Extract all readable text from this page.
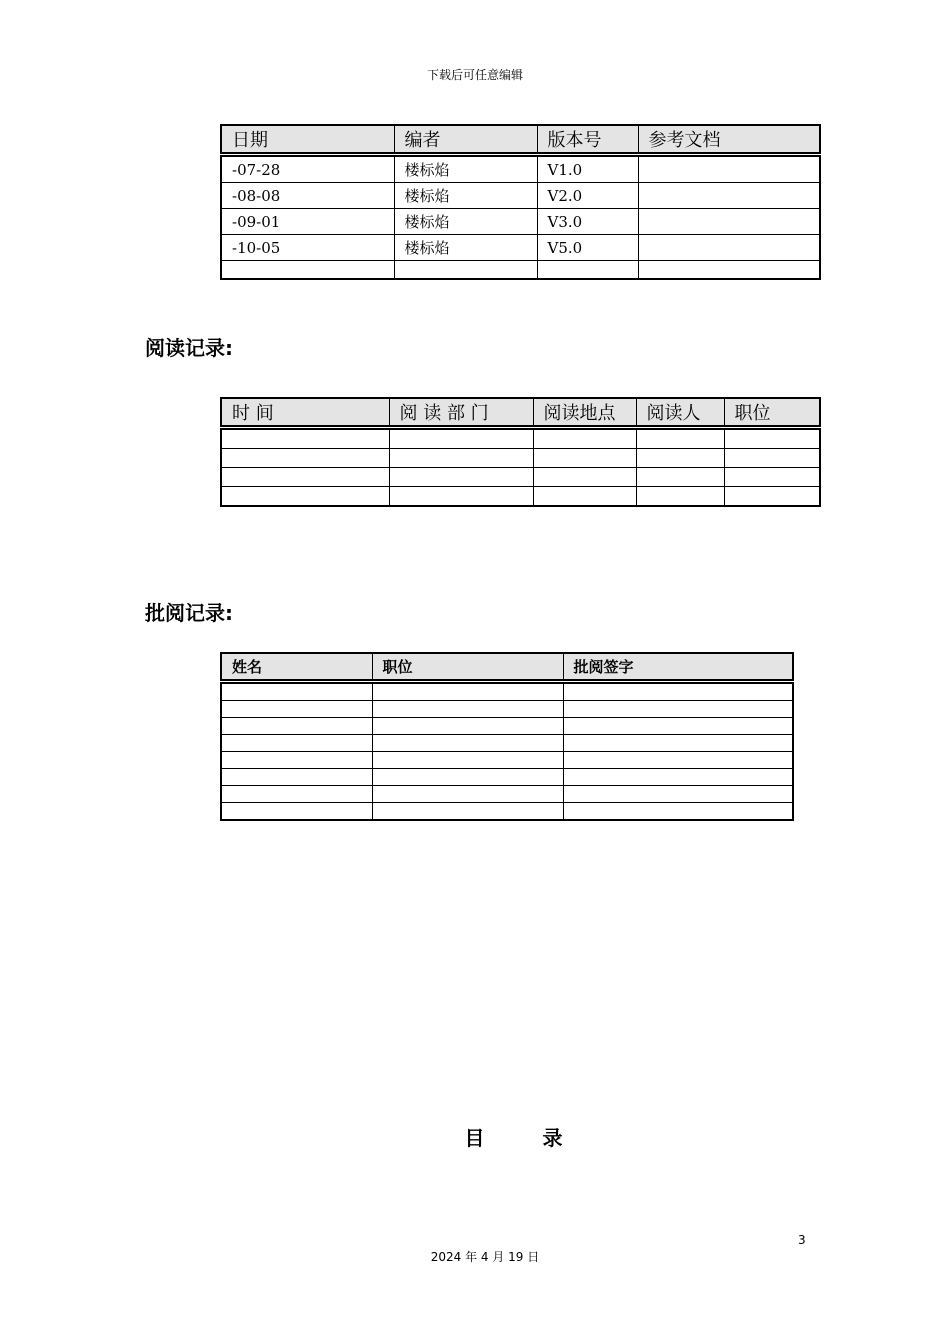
下载后可任意编辑
日期	编者	版本号	参考文档
-07-28	楼标焰	V1.0	
-08-08	楼标焰	V2.0	
-09-01	楼标焰	V3.0	
-10-05	楼标焰	V5.0	

阅读记录:
时 间	阅 读 部 门	阅读地点	阅读人	职位

批阅记录:
姓名	职位	批阅签字

目录
3
2024 年 4 月 19 日
